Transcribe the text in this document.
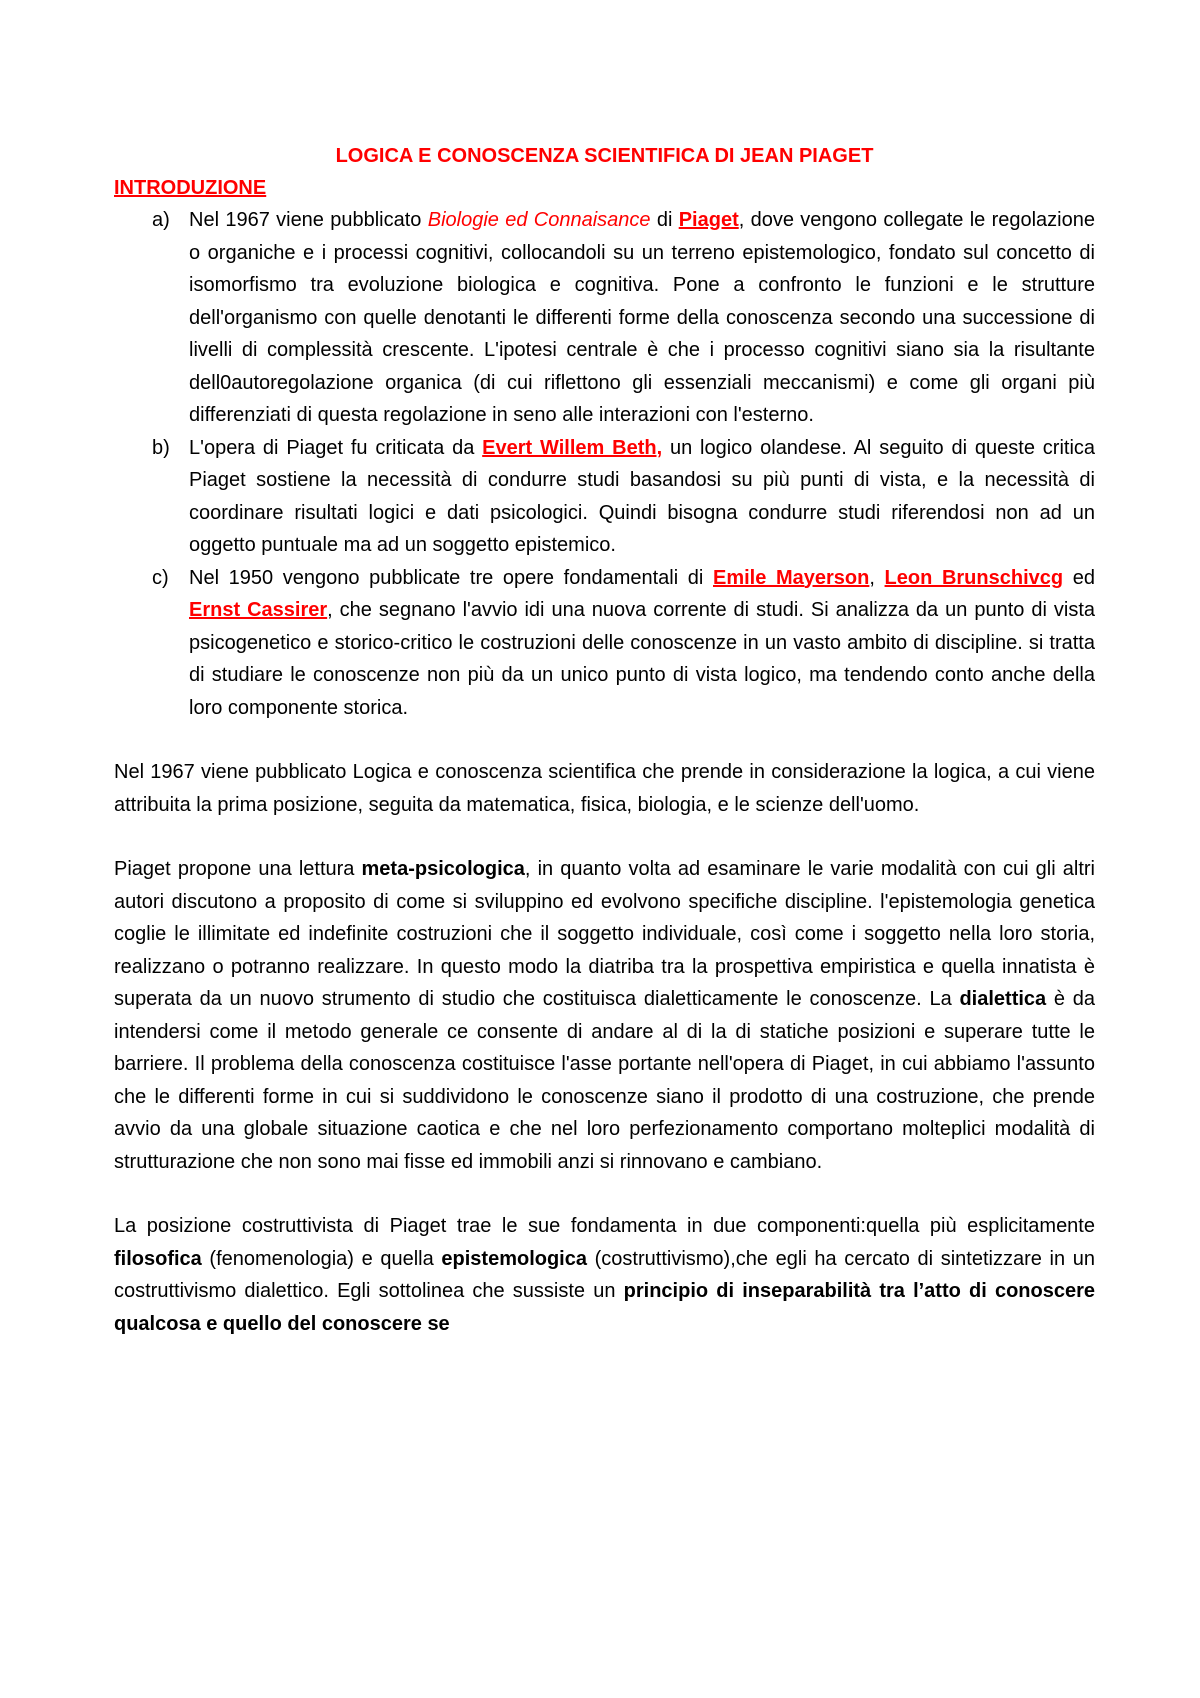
LOGICA E CONOSCENZA SCIENTIFICA DI JEAN PIAGET
INTRODUZIONE
a) Nel 1967 viene pubblicato Biologie ed Connaisance di Piaget, dove vengono collegate le regolazione o organiche e i processi cognitivi, collocandoli su un terreno epistemologico, fondato sul concetto di isomorfismo tra evoluzione biologica e cognitiva. Pone a confronto le funzioni e le strutture dell'organismo con quelle denotanti le differenti forme della conoscenza secondo una successione di livelli di complessità crescente. L'ipotesi centrale è che i processo cognitivi siano sia la risultante dell0autoregolazione organica (di cui riflettono gli essenziali meccanismi) e come gli organi più differenziati di questa regolazione in seno alle interazioni con l'esterno.
b) L'opera di Piaget fu criticata da Evert Willem Beth, un logico olandese. Al seguito di queste critica Piaget sostiene la necessità di condurre studi basandosi su più punti di vista, e la necessità di coordinare risultati logici e dati psicologici. Quindi bisogna condurre studi riferendosi non ad un oggetto puntuale ma ad un soggetto epistemico.
c) Nel 1950 vengono pubblicate tre opere fondamentali di Emile Mayerson, Leon Brunschivcg ed Ernst Cassirer, che segnano l'avvio idi una nuova corrente di studi. Si analizza da un punto di vista psicogenetico e storico-critico le costruzioni delle conoscenze in un vasto ambito di discipline. si tratta di studiare le conoscenze non più da un unico punto di vista logico, ma tendendo conto anche della loro componente storica.

Nel 1967 viene pubblicato Logica e conoscenza scientifica che prende in considerazione la logica, a cui viene attribuita la prima posizione, seguita da matematica, fisica, biologia, e le scienze dell'uomo.

Piaget propone una lettura meta-psicologica, in quanto volta ad esaminare le varie modalità con cui gli altri autori discutono a proposito di come si sviluppino ed evolvono specifiche discipline. l'epistemologia genetica coglie le illimitate ed indefinite costruzioni che il soggetto individuale, così come i soggetto nella loro storia, realizzano o potranno realizzare. In questo modo la diatriba tra la prospettiva empiristica e quella innatista è superata da un nuovo strumento di studio che costituisca dialetticamente le conoscenze. La dialettica è da intendersi come il metodo generale ce consente di andare al di la di statiche posizioni e superare tutte le barriere. Il problema della conoscenza costituisce l'asse portante nell'opera di Piaget, in cui abbiamo l'assunto che le differenti forme in cui si suddividono le conoscenze siano il prodotto di una costruzione, che prende avvio da una globale situazione caotica e che nel loro perfezionamento comportano molteplici modalità di strutturazione che non sono mai fisse ed immobili anzi si rinnovano e cambiano.

La posizione costruttivista di Piaget trae le sue fondamenta in due componenti:quella più esplicitamente filosofica (fenomenologia) e quella epistemologica (costruttivismo),che egli ha cercato di sintetizzare in un costruttivismo dialettico. Egli sottolinea che sussiste un principio di inseparabilità tra l’atto di conoscere qualcosa e quello del conoscere se
